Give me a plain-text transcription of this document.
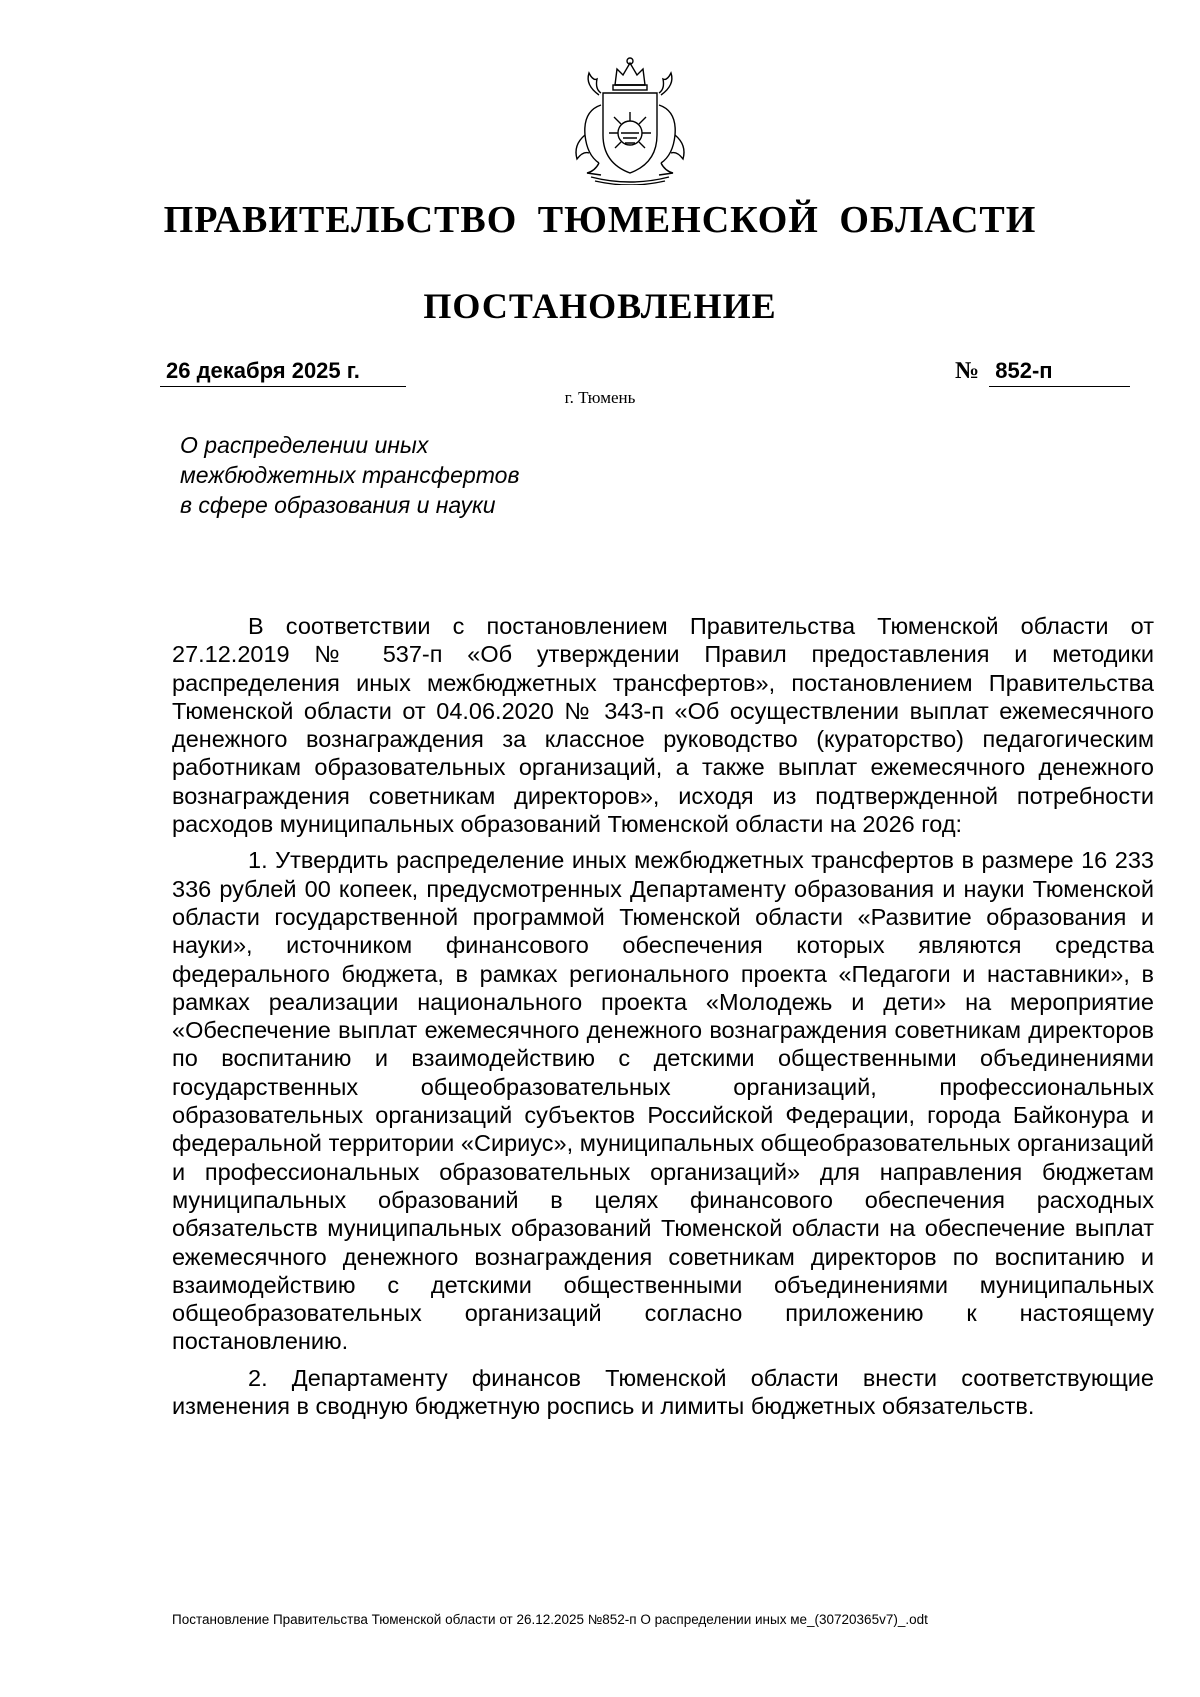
ПРАВИТЕЛЬСТВО ТЮМЕНСКОЙ ОБЛАСТИ
ПОСТАНОВЛЕНИЕ
26 декабря 2025 г.	№ 852-п
г. Тюмень
О распределении иных
межбюджетных трансфертов
в сфере образования и науки

В соответствии с постановлением Правительства Тюменской области от 27.12.2019 № 537-п «Об утверждении Правил предоставления и методики распределения иных межбюджетных трансфертов», постановлением Правительства Тюменской области от 04.06.2020 № 343-п «Об осуществлении выплат ежемесячного денежного вознаграждения за классное руководство (кураторство) педагогическим работникам образовательных организаций, а также выплат ежемесячного денежного вознаграждения советникам директоров», исходя из подтвержденной потребности расходов муниципальных образований Тюменской области на 2026 год:

1. Утвердить распределение иных межбюджетных трансфертов в размере 16 233 336 рублей 00 копеек, предусмотренных Департаменту образования и науки Тюменской области государственной программой Тюменской области «Развитие образования и науки», источником финансового обеспечения которых являются средства федерального бюджета, в рамках регионального проекта «Педагоги и наставники», в рамках реализации национального проекта «Молодежь и дети» на мероприятие «Обеспечение выплат ежемесячного денежного вознаграждения советникам директоров по воспитанию и взаимодействию с детскими общественными объединениями государственных общеобразовательных организаций, профессиональных образовательных организаций субъектов Российской Федерации, города Байконура и федеральной территории «Сириус», муниципальных общеобразовательных организаций и профессиональных образовательных организаций» для направления бюджетам муниципальных образований в целях финансового обеспечения расходных обязательств муниципальных образований Тюменской области на обеспечение выплат ежемесячного денежного вознаграждения советникам директоров по воспитанию и взаимодействию с детскими общественными объединениями муниципальных общеобразовательных организаций согласно приложению к настоящему постановлению.

2. Департаменту финансов Тюменской области внести соответствующие изменения в сводную бюджетную роспись и лимиты бюджетных обязательств.

Постановление Правительства Тюменской области от 26.12.2025 №852-п О распределении иных ме_(30720365v7)_.odt
